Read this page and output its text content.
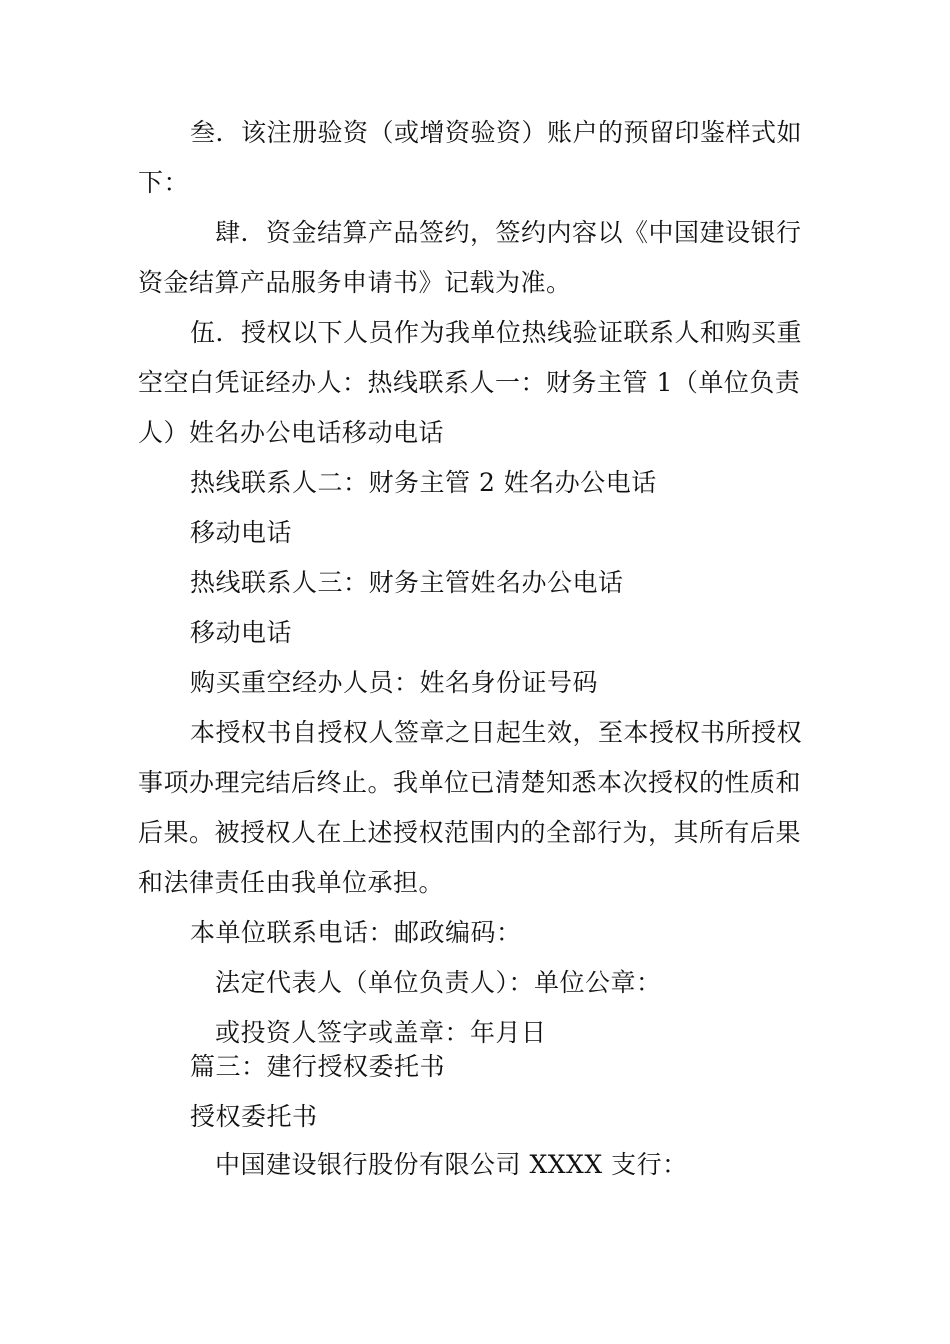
叁．该注册验资（或增资验资）账户的预留印鉴样式如
下：
肆．资金结算产品签约，签约内容以《中国建设银行
资金结算产品服务申请书》记载为准。
伍．授权以下人员作为我单位热线验证联系人和购买重
空空白凭证经办人：热线联系人一：财务主管 1（单位负责
人）姓名办公电话移动电话
热线联系人二：财务主管 2 姓名办公电话
移动电话
热线联系人三：财务主管姓名办公电话
移动电话
购买重空经办人员：姓名身份证号码
本授权书自授权人签章之日起生效，至本授权书所授权
事项办理完结后终止。我单位已清楚知悉本次授权的性质和
后果。被授权人在上述授权范围内的全部行为，其所有后果
和法律责任由我单位承担。
本单位联系电话：邮政编码：
法定代表人（单位负责人）：单位公章：
或投资人签字或盖章：年月日
篇三：建行授权委托书
授权委托书
中国建设银行股份有限公司 XXXX 支行：
